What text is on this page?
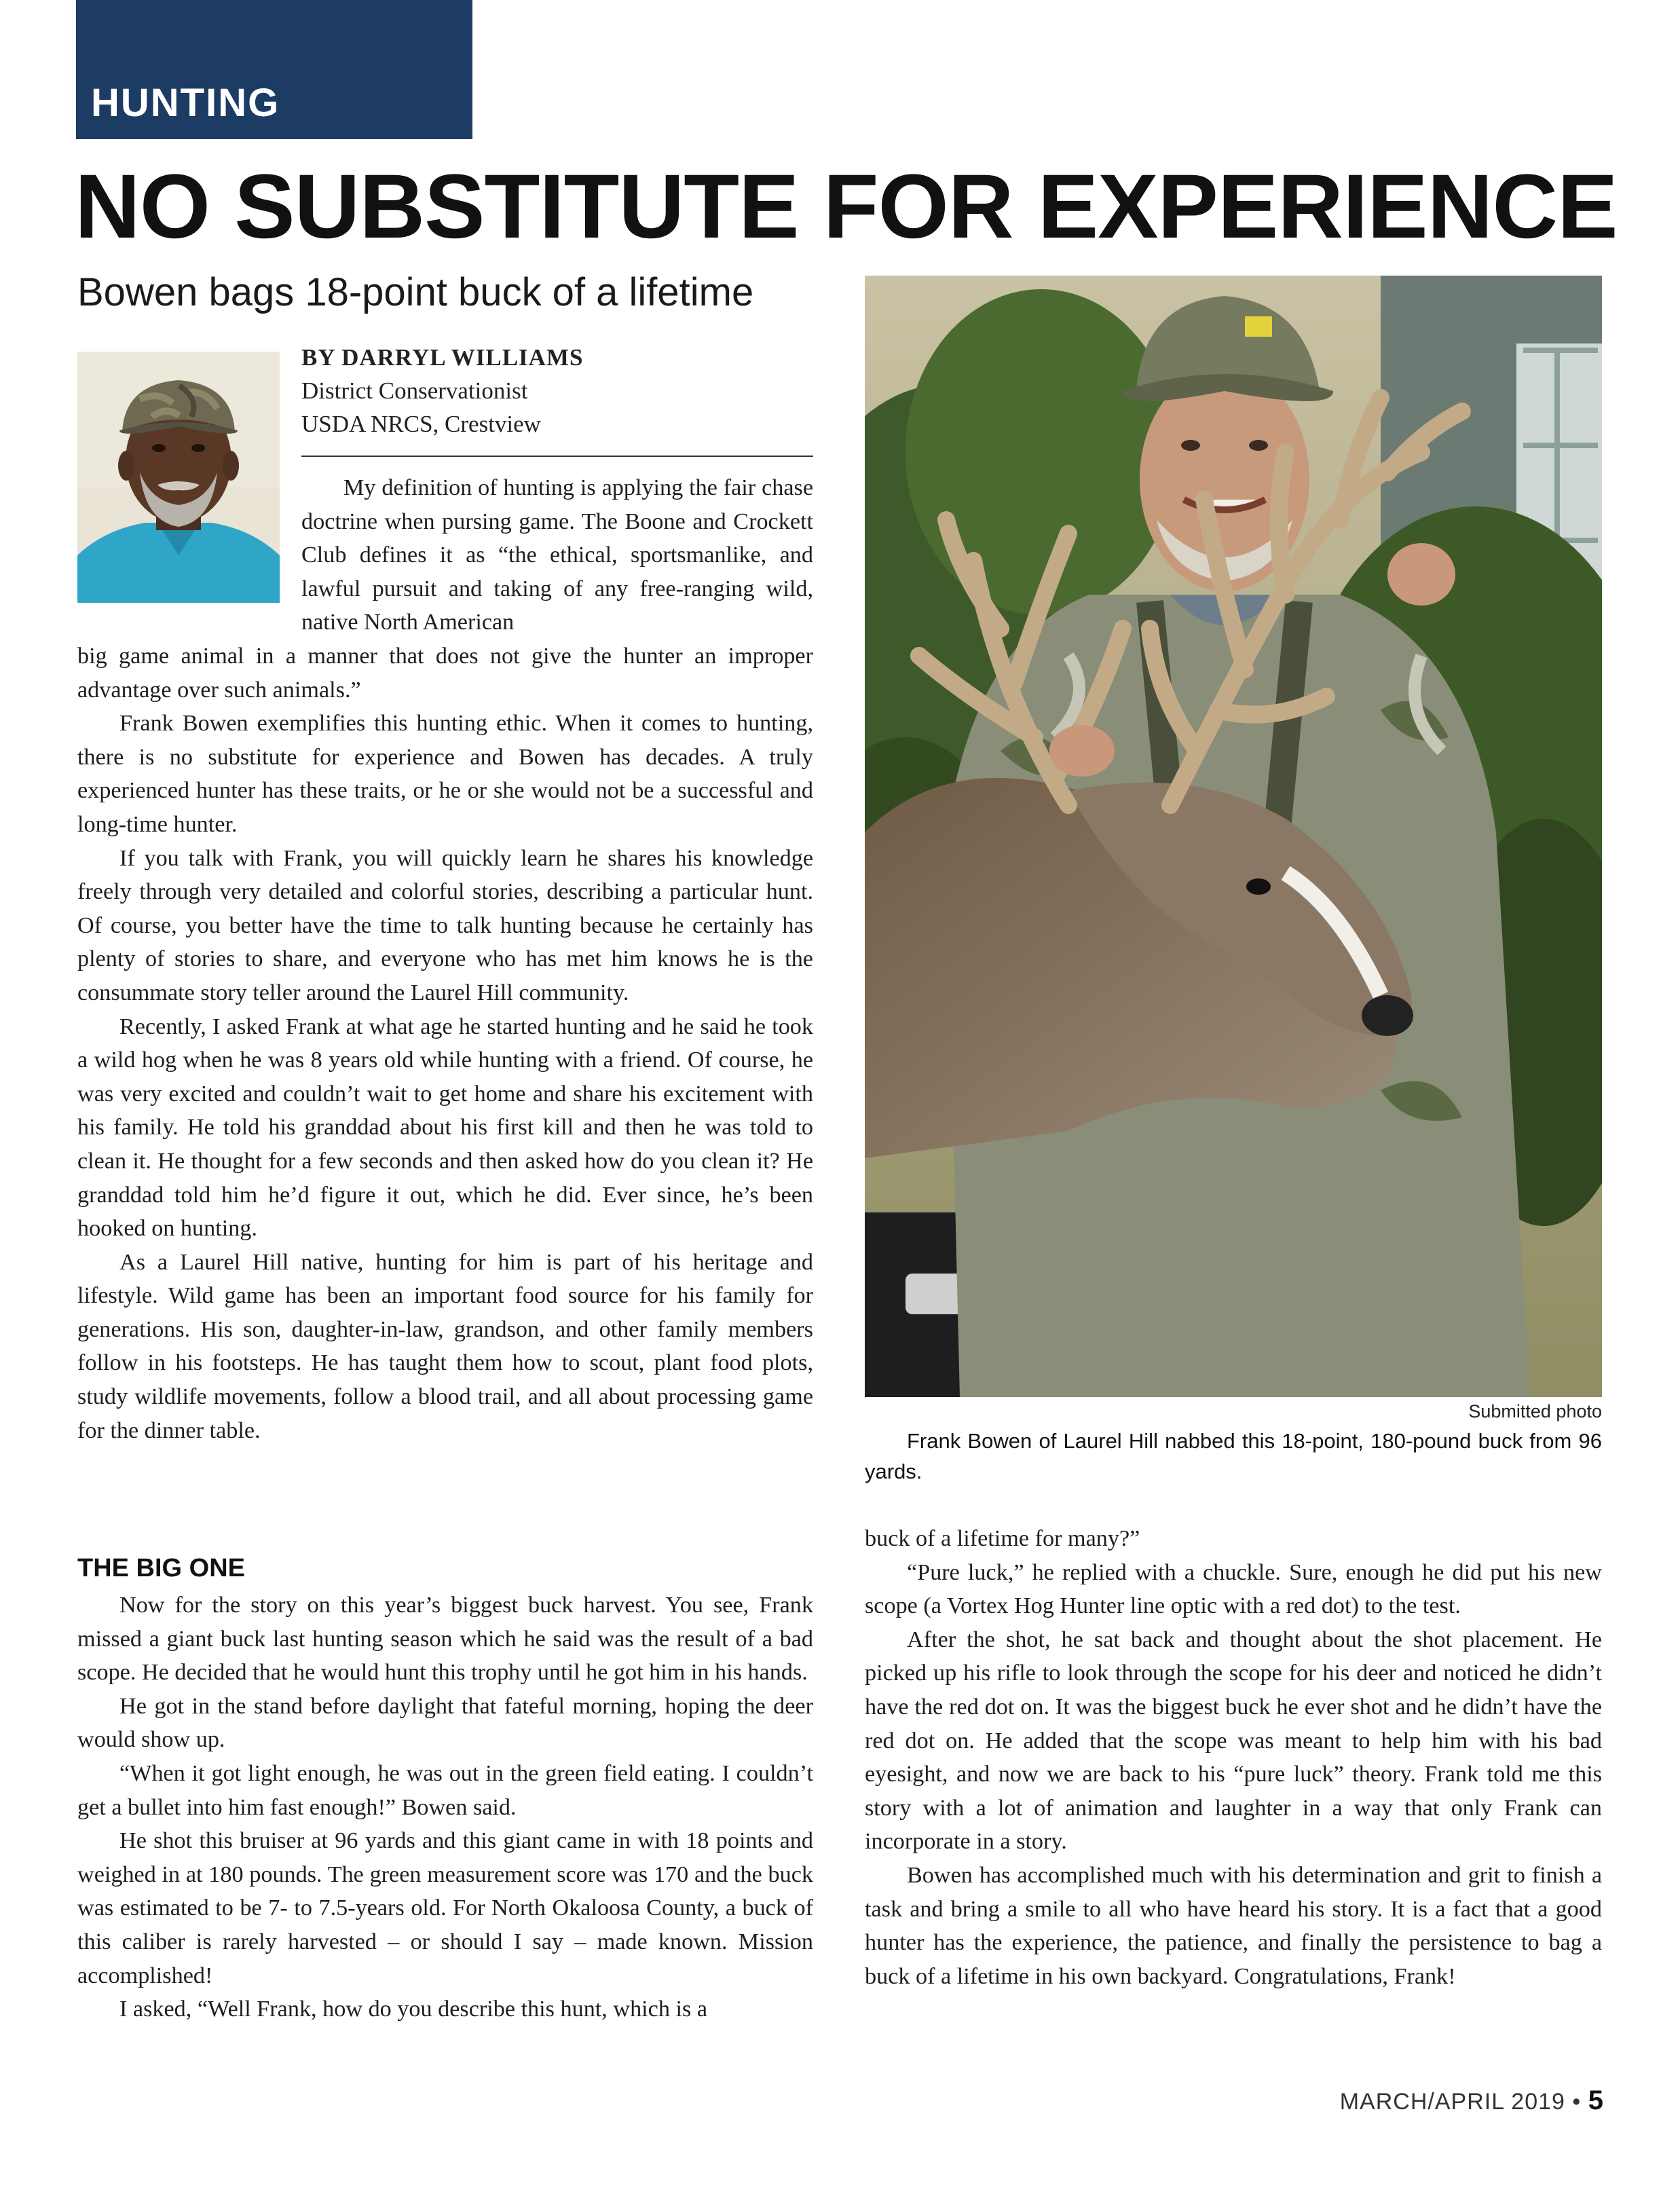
HUNTING
NO SUBSTITUTE FOR EXPERIENCE
Bowen bags 18-point buck of a lifetime
BY DARRYL WILLIAMS
District Conservationist
USDA NRCS, Crestview

My definition of hunting is applying the fair chase doctrine when pursing game. The Boone and Crockett Club defines it as “the ethical, sportsmanlike, and lawful pursuit and taking of any free-ranging wild, native North American

big game animal in a manner that does not give the hunter an improper advantage over such animals.”

Frank Bowen exemplifies this hunting ethic. When it comes to hunting, there is no substitute for experience and Bowen has decades. A truly experienced hunter has these traits, or he or she would not be a successful and long-time hunter.

If you talk with Frank, you will quickly learn he shares his knowledge freely through very detailed and colorful stories, describing a particular hunt. Of course, you better have the time to talk hunting because he certainly has plenty of stories to share, and everyone who has met him knows he is the consummate story teller around the Laurel Hill community.

Recently, I asked Frank at what age he started hunting and he said he took a wild hog when he was 8 years old while hunting with a friend. Of course, he was very excited and couldn’t wait to get home and share his excitement with his family. He told his granddad about his first kill and then he was told to clean it. He thought for a few seconds and then asked how do you clean it? He granddad told him he’d figure it out, which he did. Ever since, he’s been hooked on hunting.

As a Laurel Hill native, hunting for him is part of his heritage and lifestyle. Wild game has been an important food source for his family for generations. His son, daughter-in-law, grandson, and other family members follow in his footsteps. He has taught them how to scout, plant food plots, study wildlife movements, follow a blood trail, and all about processing game for the dinner table.

THE BIG ONE

Now for the story on this year’s biggest buck harvest. You see, Frank missed a giant buck last hunting season which he said was the result of a bad scope. He decided that he would hunt this trophy until he got him in his hands.

He got in the stand before daylight that fateful morning, hoping the deer would show up.

“When it got light enough, he was out in the green field eating. I couldn’t get a bullet into him fast enough!” Bowen said.

He shot this bruiser at 96 yards and this giant came in with 18 points and weighed in at 180 pounds. The green measurement score was 170 and the buck was estimated to be 7- to 7.5-years old. For North Okaloosa County, a buck of this caliber is rarely harvested – or should I say – made known. Mission accomplished!

I asked, “Well Frank, how do you describe this hunt, which is a

Submitted photo
Frank Bowen of Laurel Hill nabbed this 18-point, 180-pound buck from 96 yards.

buck of a lifetime for many?”

“Pure luck,” he replied with a chuckle. Sure, enough he did put his new scope (a Vortex Hog Hunter line optic with a red dot) to the test.

After the shot, he sat back and thought about the shot placement. He picked up his rifle to look through the scope for his deer and noticed he didn’t have the red dot on. It was the biggest buck he ever shot and he didn’t have the red dot on. He added that the scope was meant to help him with his bad eyesight, and now we are back to his “pure luck” theory. Frank told me this story with a lot of animation and laughter in a way that only Frank can incorporate in a story.

Bowen has accomplished much with his determination and grit to finish a task and bring a smile to all who have heard his story. It is a fact that a good hunter has the experience, the patience, and finally the persistence to bag a buck of a lifetime in his own backyard. Congratulations, Frank!

MARCH/APRIL 2019 • 5
